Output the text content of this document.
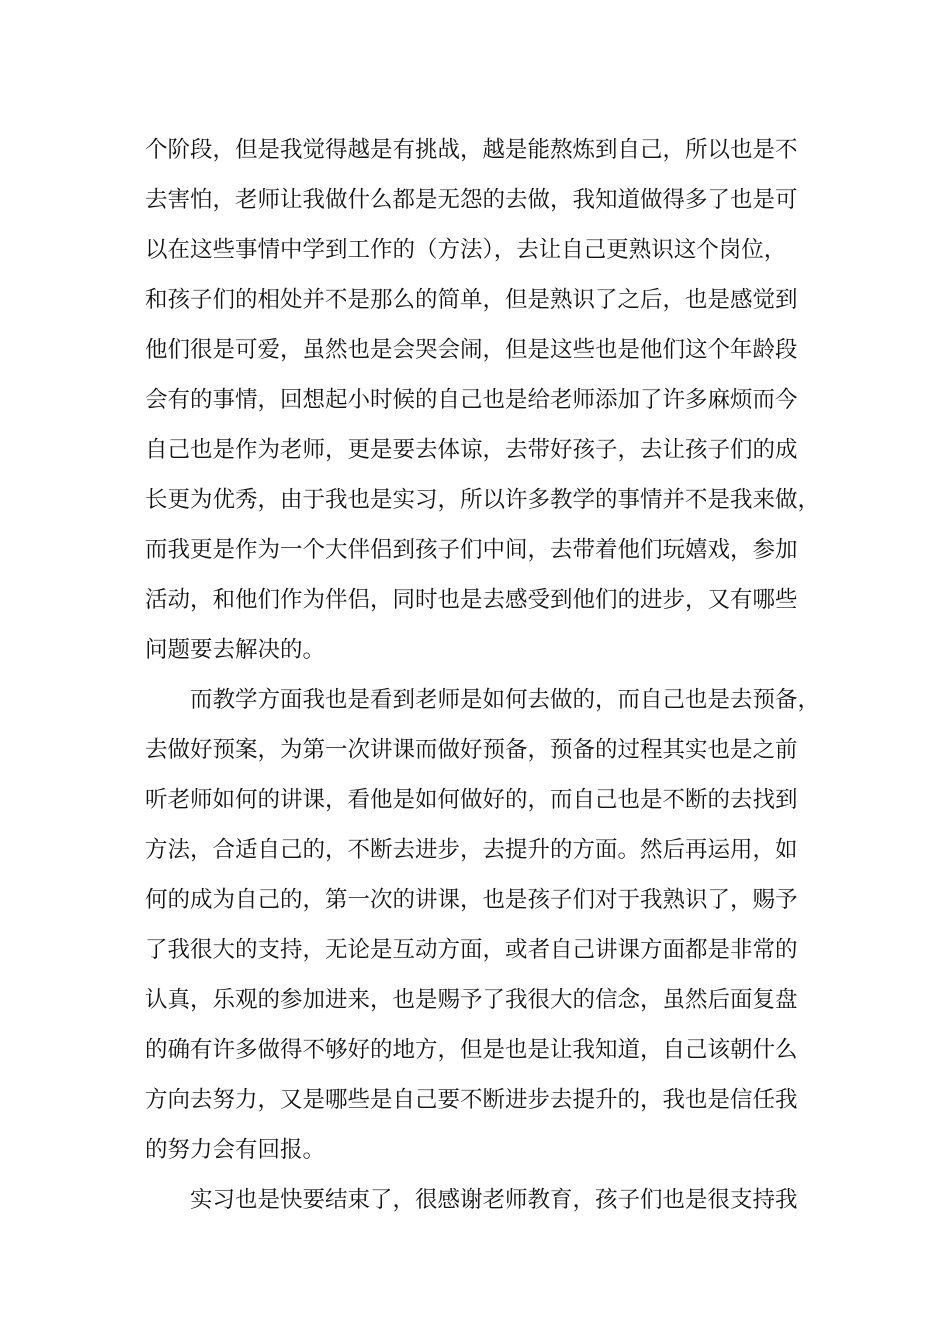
个阶段，但是我觉得越是有挑战，越是能熬炼到自己，所以也是不
去害怕，老师让我做什么都是无怨的去做，我知道做得多了也是可
以在这些事情中学到工作的（方法），去让自己更熟识这个岗位，
和孩子们的相处并不是那么的简单，但是熟识了之后，也是感觉到
他们很是可爱，虽然也是会哭会闹，但是这些也是他们这个年龄段
会有的事情，回想起小时候的自己也是给老师添加了许多麻烦而今
自己也是作为老师，更是要去体谅，去带好孩子，去让孩子们的成
长更为优秀，由于我也是实习，所以许多教学的事情并不是我来做，
而我更是作为一个大伴侣到孩子们中间，去带着他们玩嬉戏，参加
活动，和他们作为伴侣，同时也是去感受到他们的进步，又有哪些
问题要去解决的。
而教学方面我也是看到老师是如何去做的，而自己也是去预备，
去做好预案，为第一次讲课而做好预备，预备的过程其实也是之前
听老师如何的讲课，看他是如何做好的，而自己也是不断的去找到
方法，合适自己的，不断去进步，去提升的方面。然后再运用，如
何的成为自己的，第一次的讲课，也是孩子们对于我熟识了，赐予
了我很大的支持，无论是互动方面，或者自己讲课方面都是非常的
认真，乐观的参加进来，也是赐予了我很大的信念，虽然后面复盘
的确有许多做得不够好的地方，但是也是让我知道，自己该朝什么
方向去努力，又是哪些是自己要不断进步去提升的，我也是信任我
的努力会有回报。
实习也是快要结束了，很感谢老师教育，孩子们也是很支持我
